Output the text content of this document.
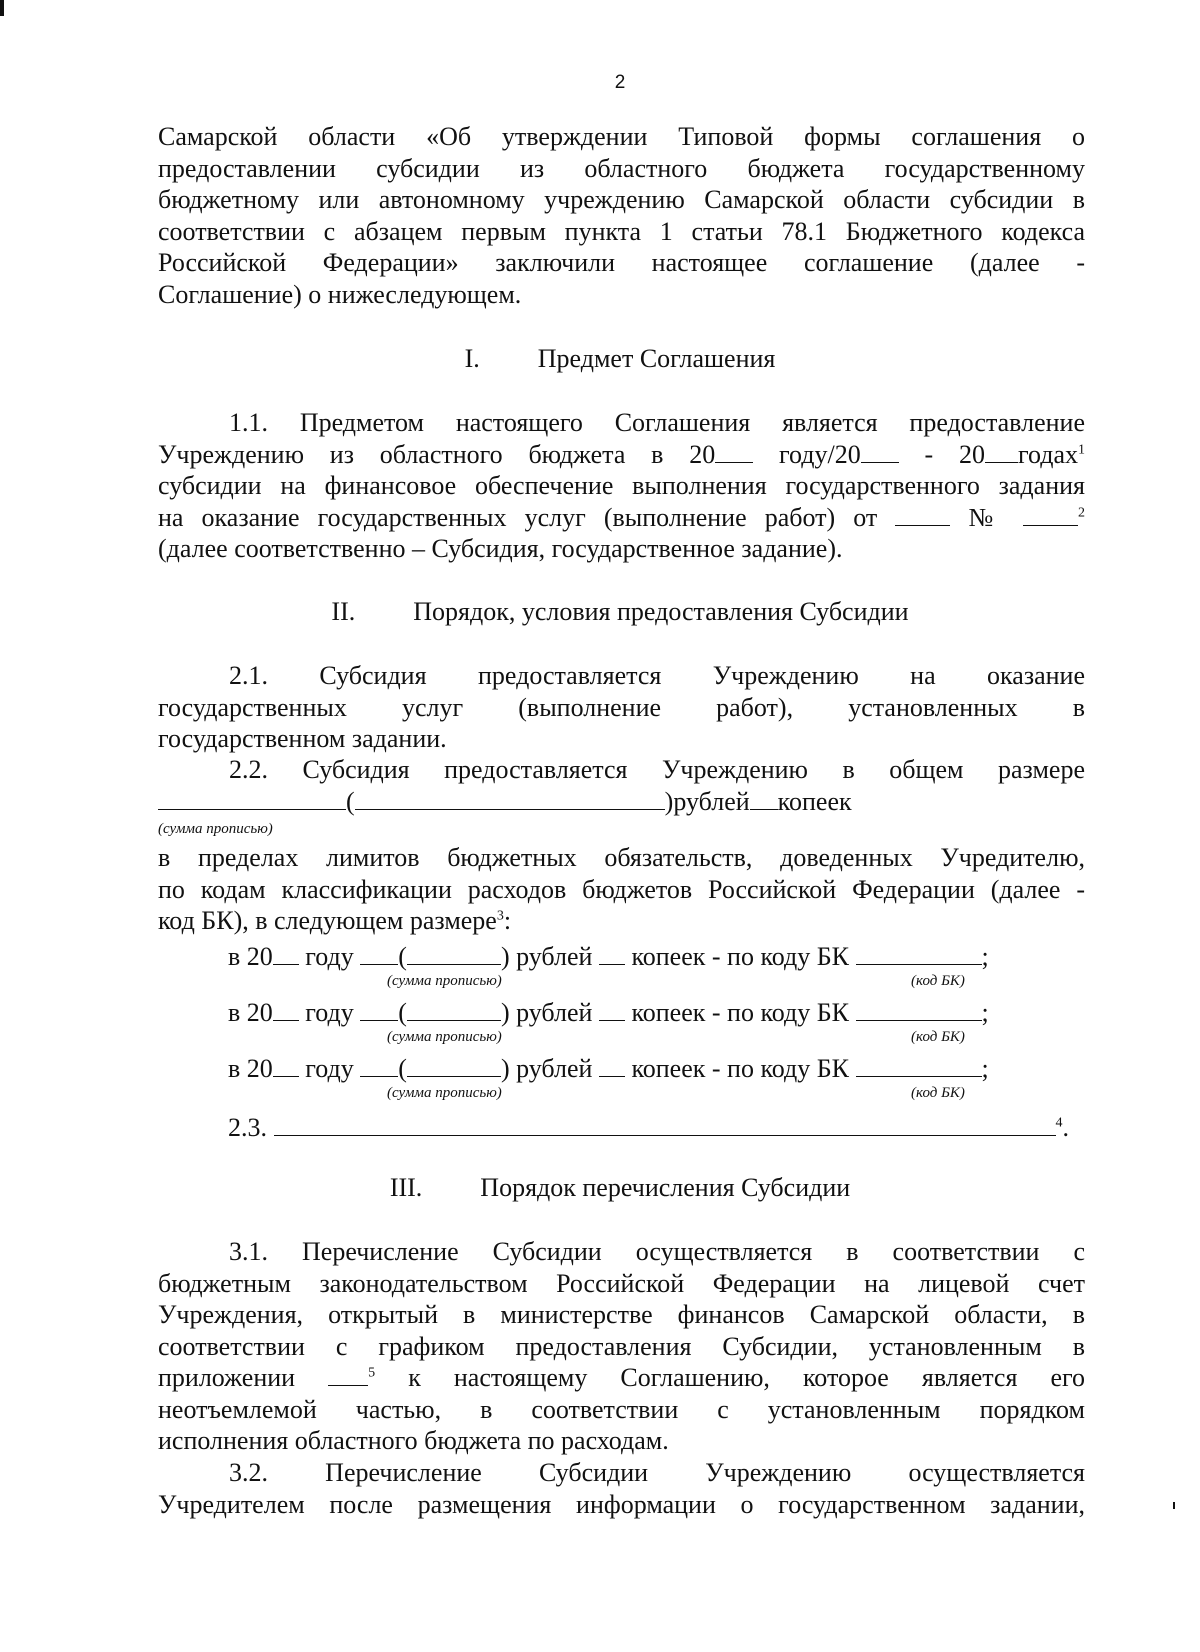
2

Самарской области «Об утверждении Типовой формы соглашения о

предоставлении субсидии из областного бюджета государственному

бюджетному или автономному учреждению Самарской области субсидии в

соответствии с абзацем первым пункта 1 статьи 78.1 Бюджетного кодекса

Российской Федерации» заключили настоящее соглашение (далее -

Соглашение) о нижеследующем.

I. Предмет Соглашения

1.1. Предметом настоящего Соглашения является предоставление

Учреждению из областного бюджета в 20 году/20 - 20 годах$^1$

субсидии на финансовое обеспечение выполнения государственного задания

на оказание государственных услуг (выполнение работ) от	№	$^2$

(далее соответственно – Субсидия, государственное задание).

II. Порядок, условия предоставления Субсидии

2.1. Субсидия предоставляется Учреждению на оказание

государственных услуг (выполнение работ), установленных в

государственном задании.

2.2. Субсидия предоставляется Учреждению в общем размере

(	)рублей копеек

(сумма прописью)

в пределах лимитов бюджетных обязательств, доведенных Учредителю,

по кодам классификации расходов бюджетов Российской Федерации (далее -

код БК), в следующем размере$^3$:

в 20 году (	) рублей копеек - по коду БК	;
(сумма прописью)	(код БК)
в 20 году (	) рублей копеек - по коду БК	;
(сумма прописью)	(код БК)
в 20 году (	) рублей копеек - по коду БК	;
(сумма прописью)	(код БК)
2.3.	$^4$.
III. Порядок перечисления Субсидии

3.1. Перечисление Субсидии осуществляется в соответствии с

бюджетным законодательством Российской Федерации на лицевой счет

Учреждения, открытый в министерстве финансов Самарской области, в

соответствии с графиком предоставления Субсидии, установленным в

приложении	$^5$ к настоящему Соглашению, которое является его

неотъемлемой частью, в соответствии с установленным порядком

исполнения областного бюджета по расходам.

3.2. Перечисление Субсидии Учреждению осуществляется

Учредителем после размещения информации о государственном задании,
